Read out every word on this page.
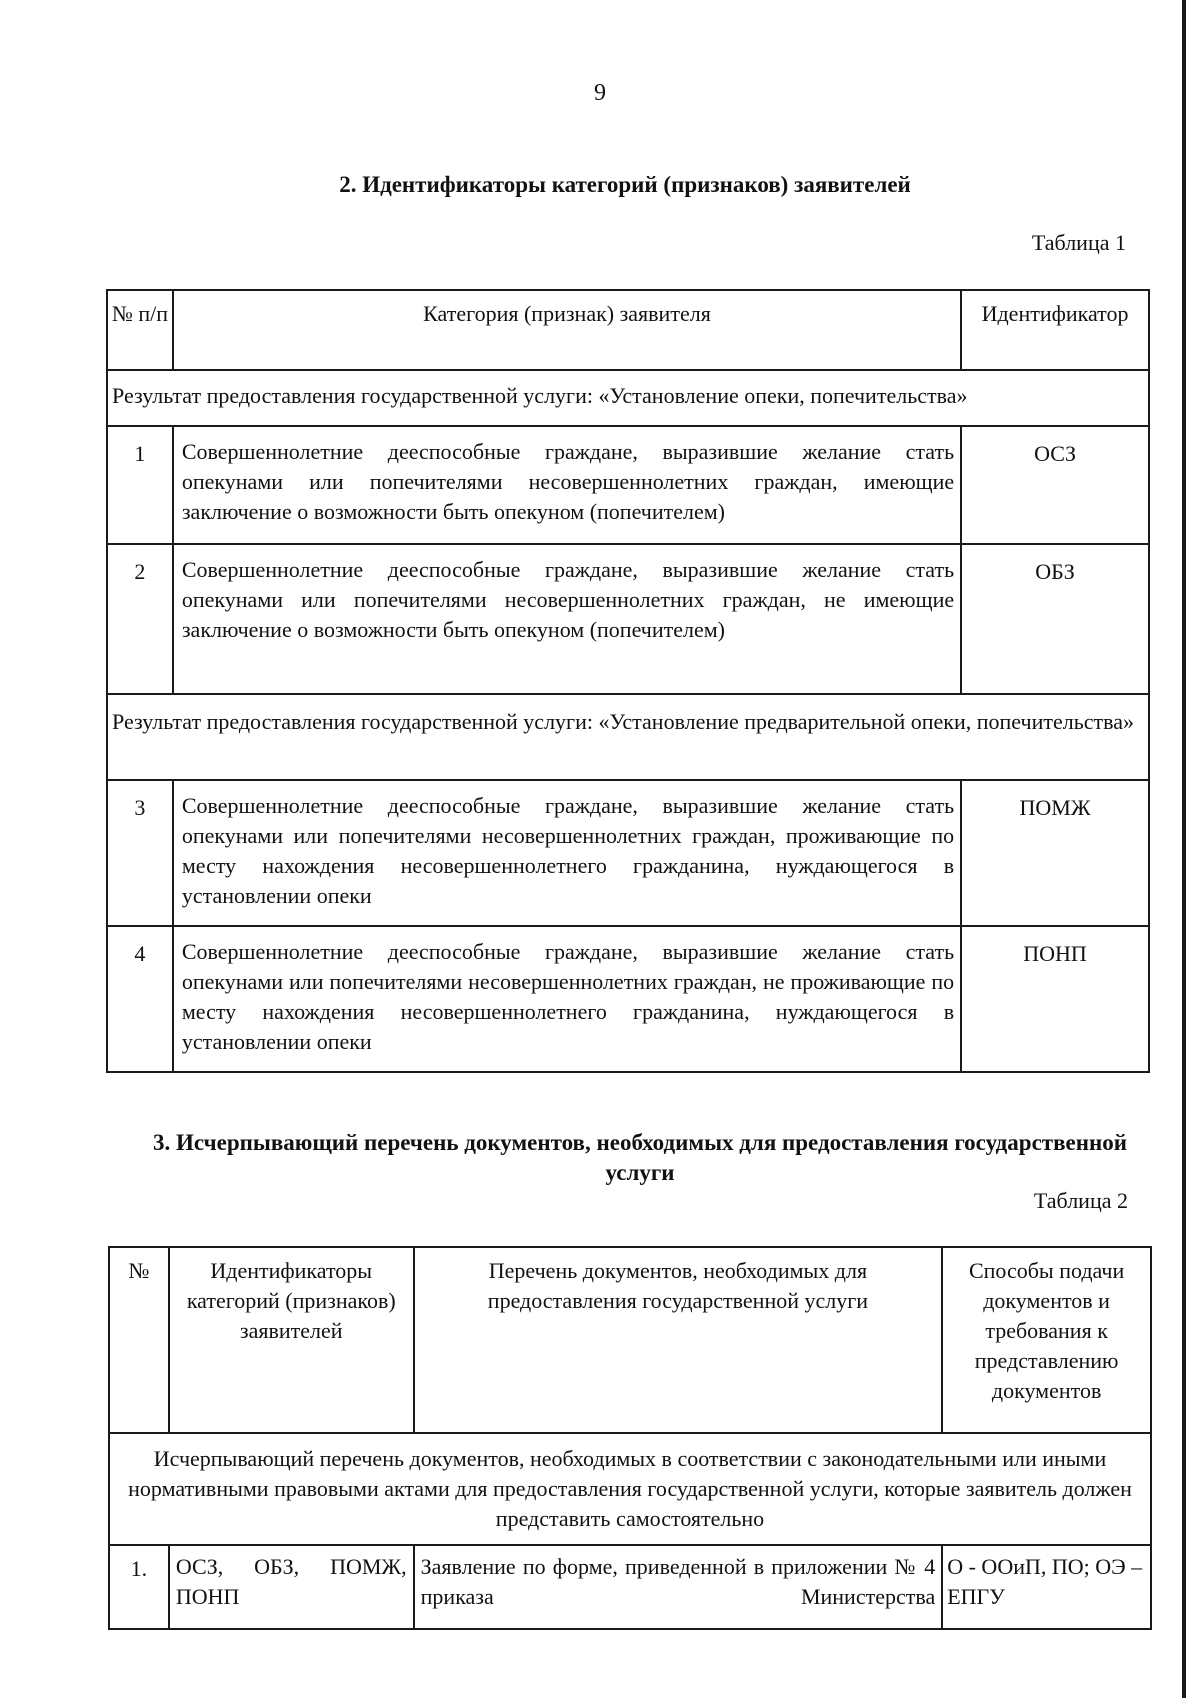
9
2. Идентификаторы категорий (признаков) заявителей
Таблица 1
№ п/п	Категория (признак) заявителя	Идентификатор
Результат предоставления государственной услуги: «Установление опеки, попечительства»		
1	Совершеннолетние дееспособные граждане, выразившие желание стать опекунами или попечителями несовершеннолетних граждан, имеющие заключение о возможности быть опекуном (попечителем)	ОСЗ
2	Совершеннолетние дееспособные граждане, выразившие желание стать опекунами или попечителями несовершеннолетних граждан, не имеющие заключение о возможности быть опекуном (попечителем)	ОБЗ
Результат предоставления государственной услуги: «Установление предварительной опеки, попечительства»		
3	Совершеннолетние дееспособные граждане, выразившие желание стать опекунами или попечителями несовершеннолетних граждан, проживающие по месту нахождения несовершеннолетнего гражданина, нуждающегося в установлении опеки	ПОМЖ
4	Совершеннолетние дееспособные граждане, выразившие желание стать опекунами или попечителями несовершеннолетних граждан, не проживающие по месту нахождения несовершеннолетнего гражданина, нуждающегося в установлении опеки	ПОНП
3. Исчерпывающий перечень документов, необходимых для предоставления государственной услуги
Таблица 2
№	Идентификаторы категорий (признаков) заявителей	Перечень документов, необходимых для предоставления государственной услуги	Способы подачи документов и требования к представлению документов
Исчерпывающий перечень документов, необходимых в соответствии с законодательными или иными нормативными правовыми актами для предоставления государственной услуги, которые заявитель должен представить самостоятельно			
1.	ОСЗ, ОБЗ, ПОМЖ, ПОНП	Заявление по форме, приведенной в приложении № 4 приказа Министерства	О - ООиП, ПО; ОЭ – ЕПГУ
